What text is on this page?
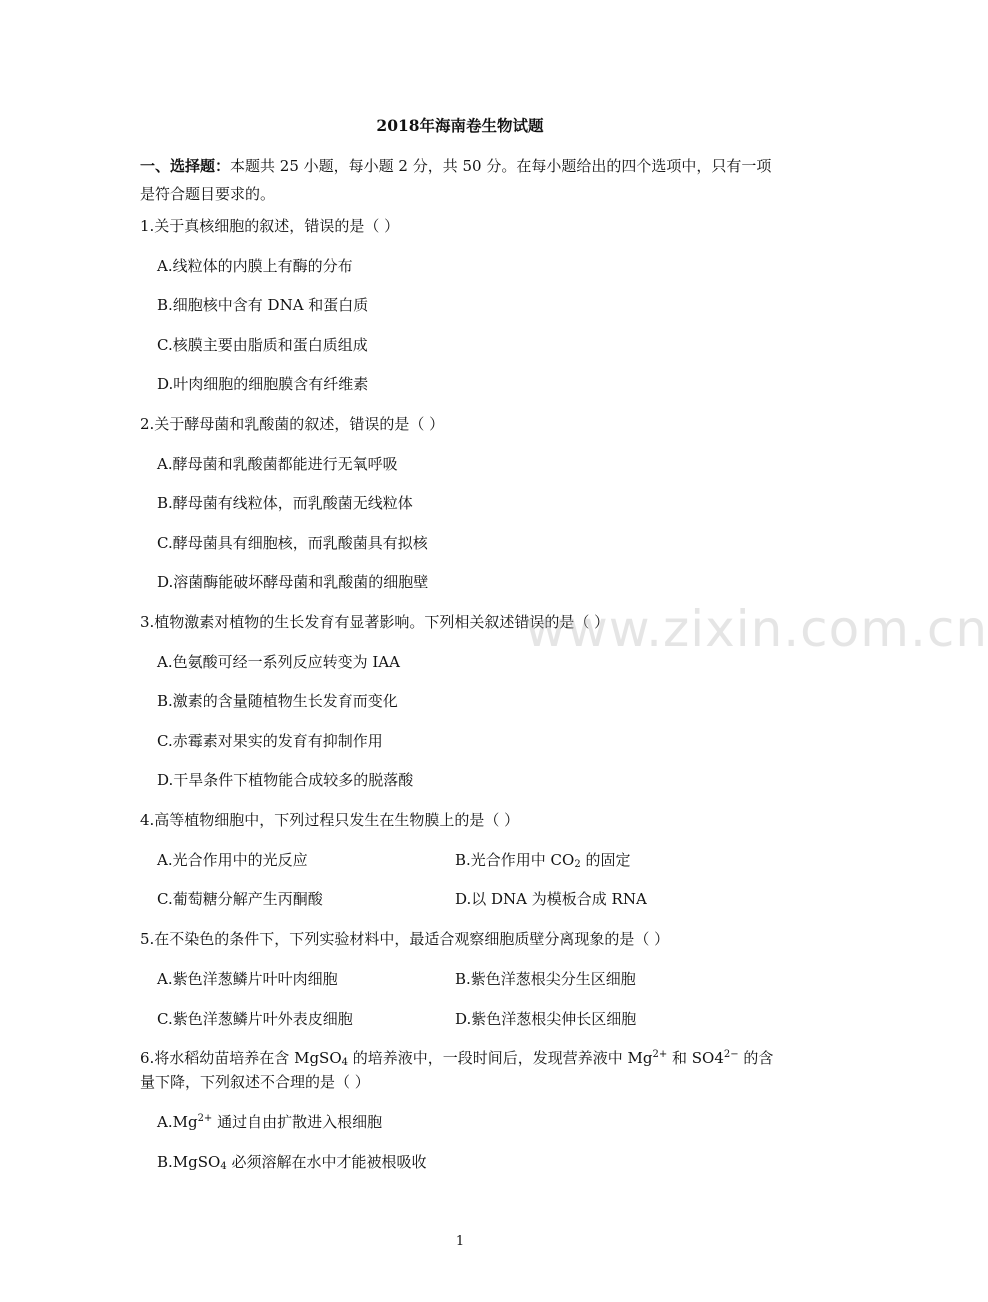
2018年海南卷生物试题
一、选择题：本题共 25 小题，每小题 2 分，共 50 分。在每小题给出的四个选项中，只有一项是符合题目要求的。
1.关于真核细胞的叙述，错误的是（ ）
A.线粒体的内膜上有酶的分布
B.细胞核中含有 DNA 和蛋白质
C.核膜主要由脂质和蛋白质组成
D.叶肉细胞的细胞膜含有纤维素
2.关于酵母菌和乳酸菌的叙述，错误的是（ ）
A.酵母菌和乳酸菌都能进行无氧呼吸
B.酵母菌有线粒体，而乳酸菌无线粒体
C.酵母菌具有细胞核，而乳酸菌具有拟核
D.溶菌酶能破坏酵母菌和乳酸菌的细胞壁
3.植物激素对植物的生长发育有显著影响。下列相关叙述错误的是（ ）
A.色氨酸可经一系列反应转变为 IAA
B.激素的含量随植物生长发育而变化
C.赤霉素对果实的发育有抑制作用
D.干旱条件下植物能合成较多的脱落酸
4.高等植物细胞中，下列过程只发生在生物膜上的是（ ）
A.光合作用中的光反应	B.光合作用中 $CO_2$ 的固定
C.葡萄糖分解产生丙酮酸	D.以 DNA 为模板合成 RNA
5.在不染色的条件下，下列实验材料中，最适合观察细胞质壁分离现象的是（ ）
A.紫色洋葱鳞片叶叶肉细胞	B.紫色洋葱根尖分生区细胞
C.紫色洋葱鳞片叶外表皮细胞	D.紫色洋葱根尖伸长区细胞
6.将水稻幼苗培养在含 MgSO$_4$ 的培养液中，一段时间后，发现营养液中 $Mg^{2+}$ 和 $SO4^{2-}$ 的含量下降，下列叙述不合理的是（ ）
$A.Mg^{2+}$ 通过自由扩散进入根细胞
B.MgSO$_4$ 必须溶解在水中才能被根吸收
www.zixin.com.cn
1
